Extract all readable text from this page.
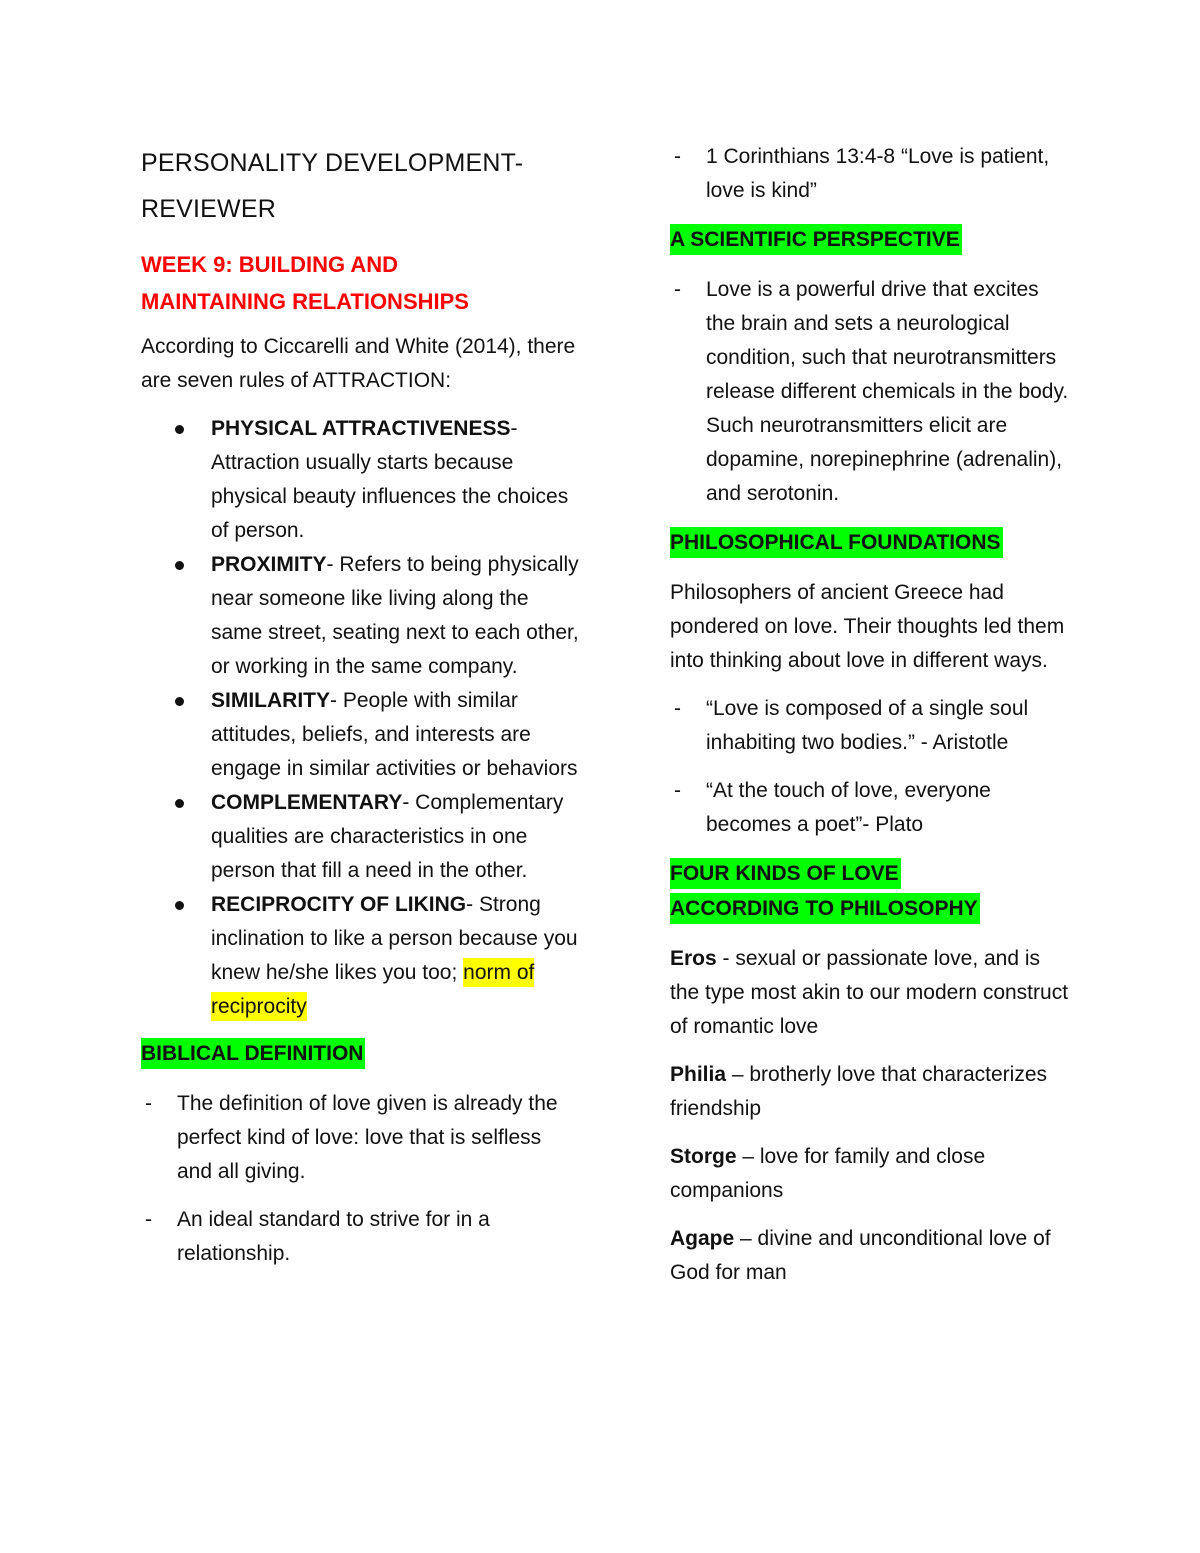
PERSONALITY DEVELOPMENT-
REVIEWER
WEEK 9: BUILDING AND
MAINTAINING RELATIONSHIPS

According to Ciccarelli and White (2014), there are seven rules of ATTRACTION:

PHYSICAL ATTRACTIVENESS- Attraction usually starts because physical beauty influences the choices of person.
PROXIMITY- Refers to being physically near someone like living along the same street, seating next to each other, or working in the same company.
SIMILARITY- People with similar attitudes, beliefs, and interests are engage in similar activities or behaviors
COMPLEMENTARY- Complementary qualities are characteristics in one person that fill a need in the other.
RECIPROCITY OF LIKING- Strong inclination to like a person because you knew he/she likes you too; norm of reciprocity
BIBLICAL DEFINITION
- The definition of love given is already the perfect kind of love: love that is selfless and all giving.
- An ideal standard to strive for in a relationship.
- 1 Corinthians 13:4-8 “Love is patient, love is kind”
A SCIENTIFIC PERSPECTIVE
- Love is a powerful drive that excites the brain and sets a neurological condition, such that neurotransmitters release different chemicals in the body. Such neurotransmitters elicit are dopamine, norepinephrine (adrenalin), and serotonin.
PHILOSOPHICAL FOUNDATIONS

Philosophers of ancient Greece had pondered on love. Their thoughts led them into thinking about love in different ways.

- “Love is composed of a single soul inhabiting two bodies.” - Aristotle
- “At the touch of love, everyone becomes a poet”- Plato
FOUR KINDS OF LOVE
ACCORDING TO PHILOSOPHY

Eros - sexual or passionate love, and is the type most akin to our modern construct of romantic love

Philia – brotherly love that characterizes friendship

Storge – love for family and close companions

Agape – divine and unconditional love of God for man
